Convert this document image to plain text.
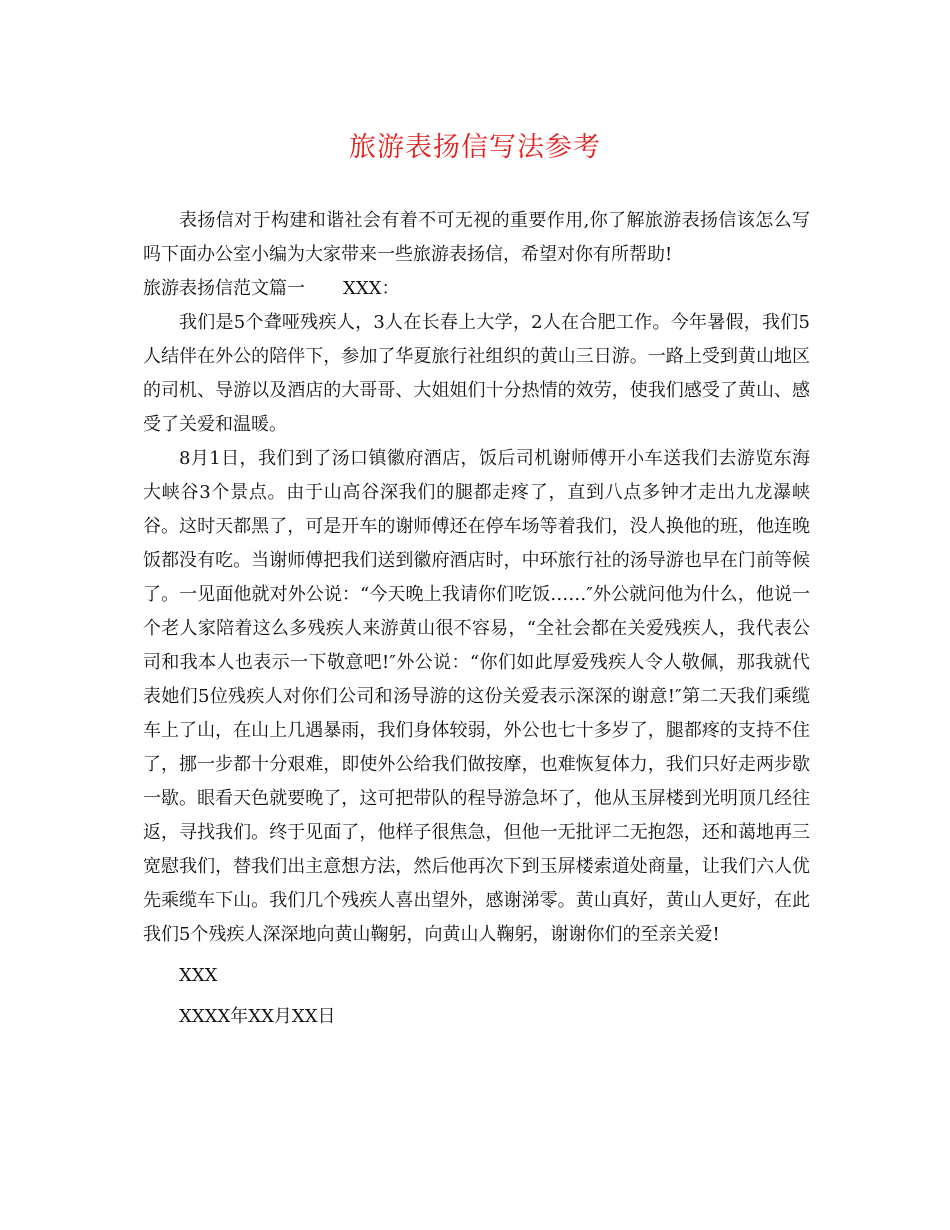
旅游表扬信写法参考

表扬信对于构建和谐社会有着不可无视的重要作用,你了解旅游表扬信该怎么写吗下面办公室小编为大家带来一些旅游表扬信，希望对你有所帮助!

旅游表扬信范文篇一 XXX：

我们是5个聋哑残疾人，3人在长春上大学，2人在合肥工作。今年暑假，我们5人结伴在外公的陪伴下，参加了华夏旅行社组织的黄山三日游。一路上受到黄山地区的司机、导游以及酒店的大哥哥、大姐姐们十分热情的效劳，使我们感受了黄山、感受了关爱和温暖。

8月1日，我们到了汤口镇徽府酒店，饭后司机谢师傅开小车送我们去游览东海大峡谷3个景点。由于山高谷深我们的腿都走疼了，直到八点多钟才走出九龙瀑峡谷。这时天都黑了，可是开车的谢师傅还在停车场等着我们，没人换他的班，他连晚饭都没有吃。当谢师傅把我们送到徽府酒店时，中环旅行社的汤导游也早在门前等候了。一见面他就对外公说：“今天晚上我请你们吃饭……″外公就问他为什么，他说一个老人家陪着这么多残疾人来游黄山很不容易，“全社会都在关爱残疾人，我代表公司和我本人也表示一下敬意吧!″外公说：“你们如此厚爱残疾人令人敬佩，那我就代表她们5位残疾人对你们公司和汤导游的这份关爱表示深深的谢意!″第二天我们乘缆车上了山，在山上几遇暴雨，我们身体较弱，外公也七十多岁了，腿都疼的支持不住了，挪一步都十分艰难，即使外公给我们做按摩，也难恢复体力，我们只好走两步歇一歇。眼看天色就要晚了，这可把带队的程导游急坏了，他从玉屏楼到光明顶几经往返，寻找我们。终于见面了，他样子很焦急，但他一无批评二无抱怨，还和蔼地再三宽慰我们，替我们出主意想方法，然后他再次下到玉屏楼索道处商量，让我们六人优先乘缆车下山。我们几个残疾人喜出望外，感谢涕零。黄山真好，黄山人更好，在此我们5个残疾人深深地向黄山鞠躬，向黄山人鞠躬，谢谢你们的至亲关爱!

XXX

XXXX年XX月XX日
